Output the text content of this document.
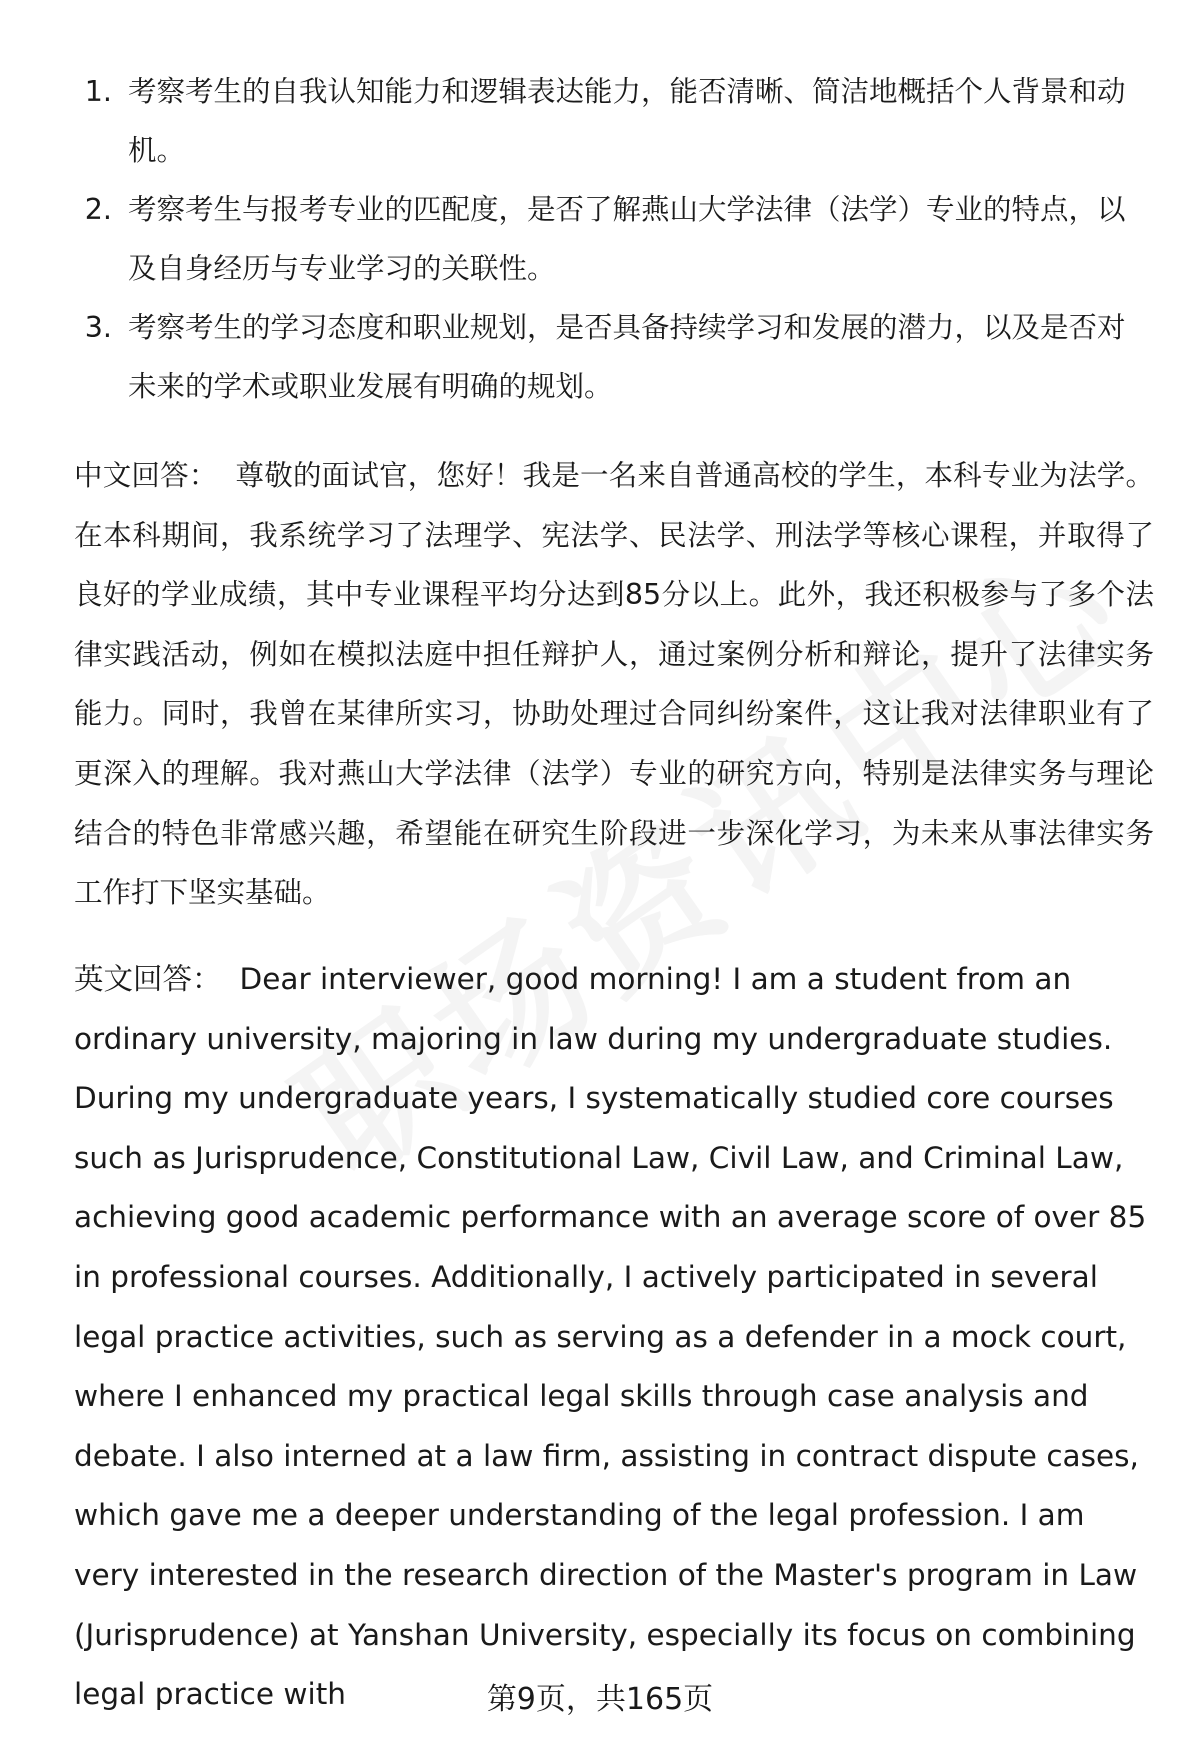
1. 考察考生的自我认知能力和逻辑表达能力，能否清晰、简洁地概括个人背景和动机。
2. 考察考生与报考专业的匹配度，是否了解燕山大学法律（法学）专业的特点，以及自身经历与专业学习的关联性。
3. 考察考生的学习态度和职业规划，是否具备持续学习和发展的潜力，以及是否对未来的学术或职业发展有明确的规划。

中文回答： 尊敬的面试官，您好！我是一名来自普通高校的学生，本科专业为法学。在本科期间，我系统学习了法理学、宪法学、民法学、刑法学等核心课程，并取得了良好的学业成绩，其中专业课程平均分达到85分以上。此外，我还积极参与了多个法律实践活动，例如在模拟法庭中担任辩护人，通过案例分析和辩论，提升了法律实务能力。同时，我曾在某律所实习，协助处理过合同纠纷案件，这让我对法律职业有了更深入的理解。我对燕山大学法律（法学）专业的研究方向，特别是法律实务与理论结合的特色非常感兴趣，希望能在研究生阶段进一步深化学习，为未来从事法律实务工作打下坚实基础。

英文回答： Dear interviewer, good morning! I am a student from an ordinary university, majoring in law during my undergraduate studies. During my undergraduate years, I systematically studied core courses such as Jurisprudence, Constitutional Law, Civil Law, and Criminal Law, achieving good academic performance with an average score of over 85 in professional courses. Additionally, I actively participated in several legal practice activities, such as serving as a defender in a mock court, where I enhanced my practical legal skills through case analysis and debate. I also interned at a law firm, assisting in contract dispute cases, which gave me a deeper understanding of the legal profession. I am very interested in the research direction of the Master's program in Law (Jurisprudence) at Yanshan University, especially its focus on combining legal practice with	第9页，共165页
